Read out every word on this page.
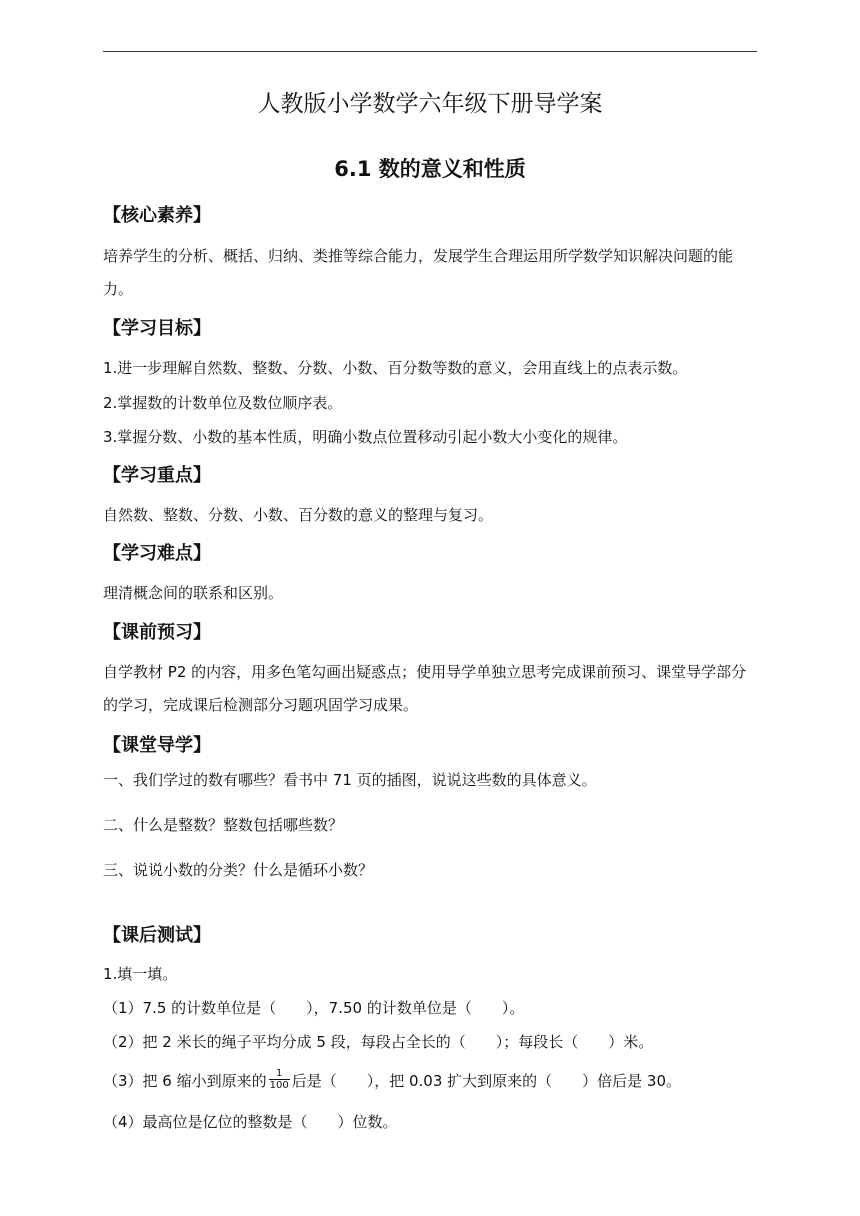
人教版小学数学六年级下册导学案
6.1 数的意义和性质
【核心素养】
培养学生的分析、概括、归纳、类推等综合能力，发展学生合理运用所学数学知识解决问题的能力。
【学习目标】
1.进一步理解自然数、整数、分数、小数、百分数等数的意义，会用直线上的点表示数。
2.掌握数的计数单位及数位顺序表。
3.掌握分数、小数的基本性质，明确小数点位置移动引起小数大小变化的规律。
【学习重点】
自然数、整数、分数、小数、百分数的意义的整理与复习。
【学习难点】
理清概念间的联系和区别。
【课前预习】
自学教材 P2 的内容，用多色笔勾画出疑惑点；使用导学单独立思考完成课前预习、课堂导学部分的学习，完成课后检测部分习题巩固学习成果。
【课堂导学】
一、我们学过的数有哪些？看书中 71 页的插图，说说这些数的具体意义。
二、什么是整数？整数包括哪些数？
三、说说小数的分类？什么是循环小数？
【课后测试】
1.填一填。
（1）7.5 的计数单位是（　　），7.50 的计数单位是（　　）。
（2）把 2 米长的绳子平均分成 5 段，每段占全长的（　　）；每段长（　　）米。
（3）把 6 缩小到原来的 $\frac{1}{100}$ 后是（　　），把 0.03 扩大到原来的（　　）倍后是 30。
（4）最高位是亿位的整数是（　　）位数。
